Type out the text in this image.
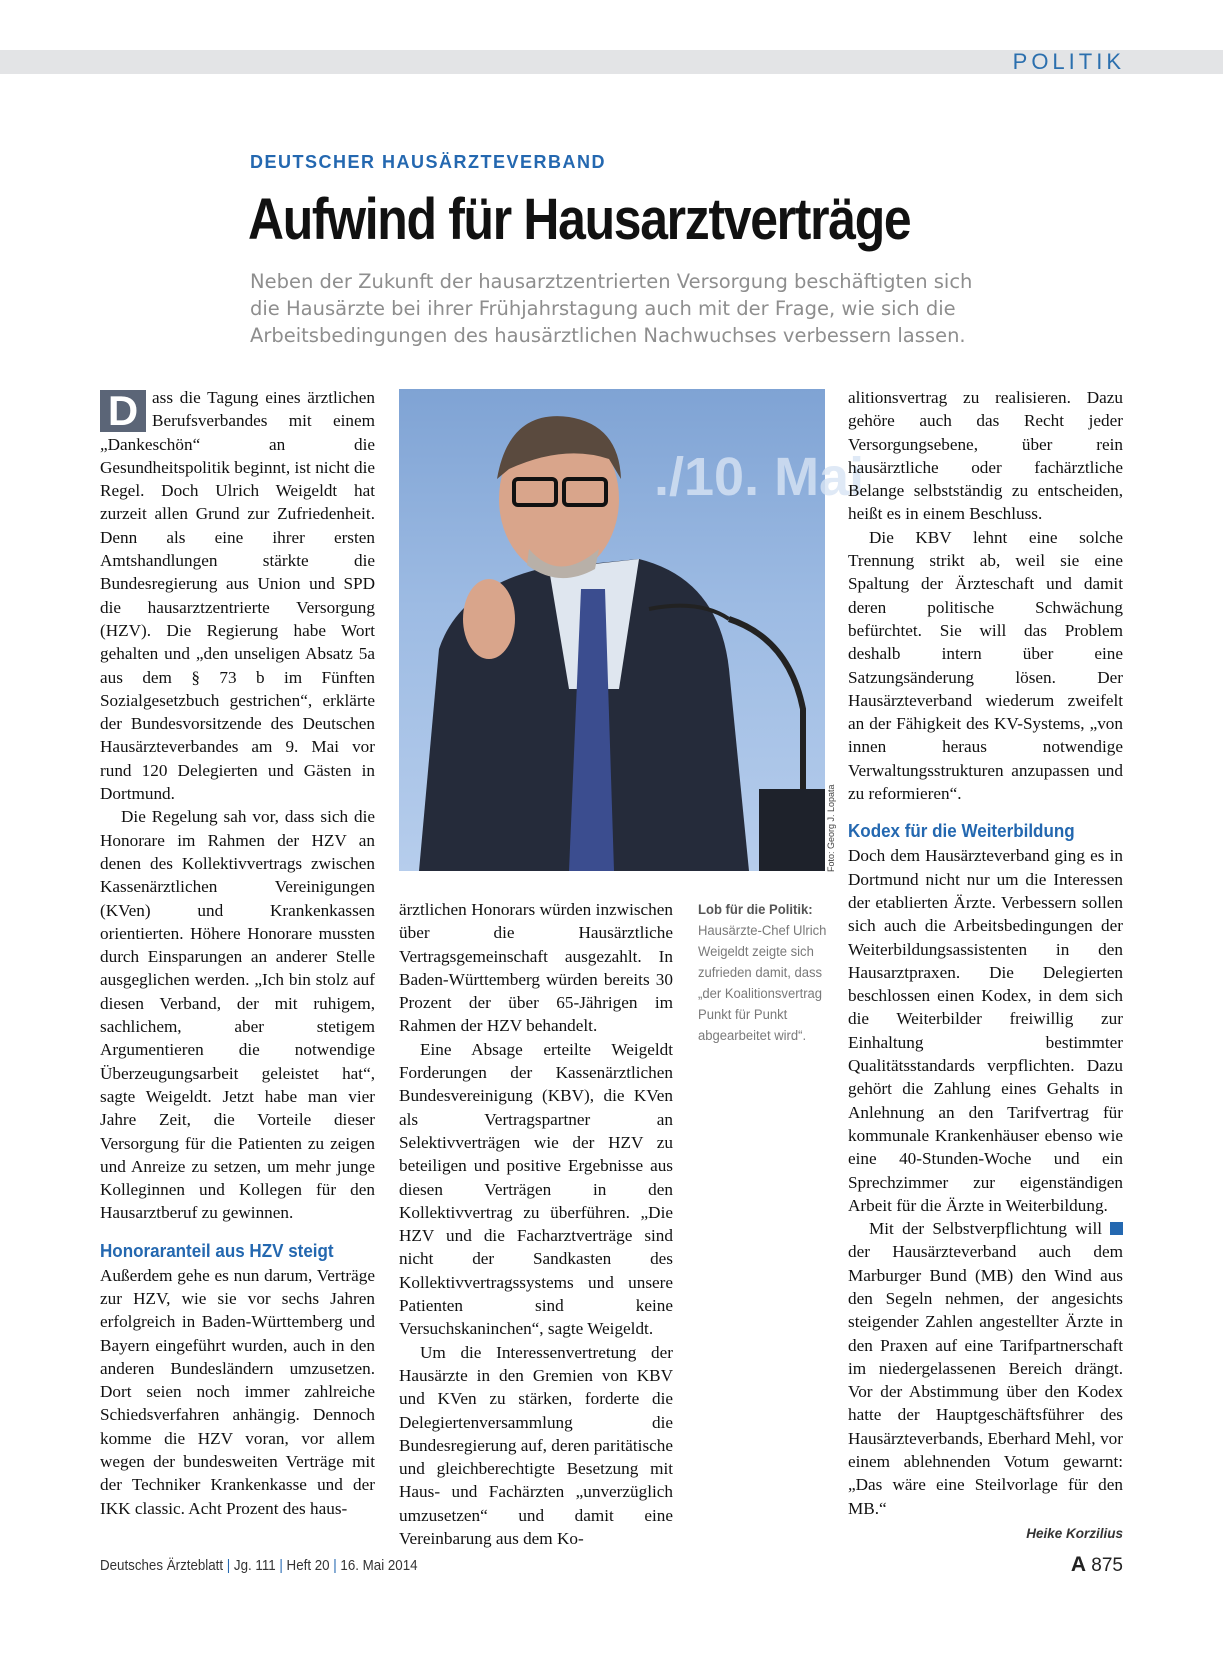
POLITIK
DEUTSCHER HAUSÄRZTEVERBAND
Aufwind für Hausarztverträge
Neben der Zukunft der hausarztzentrierten Versorgung beschäftigten sich
die Hausärzte bei ihrer Frühjahrstagung auch mit der Frage, wie sich die
Arbeitsbedingungen des hausärztlichen Nachwuchses verbessern lassen.

D ass die Tagung eines ärztlichen Berufsverbandes mit einem „Dankeschön“ an die Gesundheitspolitik beginnt, ist nicht die Regel. Doch Ulrich Weigeldt hat zurzeit allen Grund zur Zufriedenheit. Denn als eine ihrer ersten Amtshandlungen stärkte die Bundesregierung aus Union und SPD die hausarztzentrierte Versorgung (HZV). Die Regierung habe Wort gehalten und „den unseligen Absatz 5a aus dem § 73 b im Fünften Sozialgesetzbuch gestrichen“, erklärte der Bundesvorsitzende des Deutschen Hausärzteverbandes am 9. Mai vor rund 120 Delegierten und Gästen in Dortmund.

Die Regelung sah vor, dass sich die Honorare im Rahmen der HZV an denen des Kollektivvertrags zwischen Kassenärztlichen Vereinigungen (KVen) und Krankenkassen orientierten. Höhere Honorare mussten durch Einsparungen an anderer Stelle ausgeglichen werden. „Ich bin stolz auf diesen Verband, der mit ruhigem, sachlichem, aber stetigem Argumentieren die notwendige Überzeugungsarbeit geleistet hat“, sagte Weigeldt. Jetzt habe man vier Jahre Zeit, die Vorteile dieser Versorgung für die Patienten zu zeigen und Anreize zu setzen, um mehr junge Kolleginnen und Kollegen für den Hausarztberuf zu gewinnen.

Honoraranteil aus HZV steigt

Außerdem gehe es nun darum, Verträge zur HZV, wie sie vor sechs Jahren erfolgreich in Baden-Württemberg und Bayern eingeführt wurden, auch in den anderen Bundesländern umzusetzen. Dort seien noch immer zahlreiche Schiedsverfahren anhängig. Dennoch komme die HZV voran, vor allem wegen der bundesweiten Verträge mit der Techniker Krankenkasse und der IKK classic. Acht Prozent des haus-

./10. Mai
Foto: Georg J. Lopata

ärztlichen Honorars würden inzwischen über die Hausärztliche Vertragsgemeinschaft ausgezahlt. In Baden-Württemberg würden bereits 30 Prozent der über 65-Jährigen im Rahmen der HZV behandelt.

Eine Absage erteilte Weigeldt Forderungen der Kassenärztlichen Bundesvereinigung (KBV), die KVen als Vertragspartner an Selektivverträgen wie der HZV zu beteiligen und positive Ergebnisse aus diesen Verträgen in den Kollektivvertrag zu überführen. „Die HZV und die Facharztverträge sind nicht der Sandkasten des Kollektivvertragssystems und unsere Patienten sind keine Versuchskaninchen“, sagte Weigeldt.

Um die Interessenvertretung der Hausärzte in den Gremien von KBV und KVen zu stärken, forderte die Delegiertenversammlung die Bundesregierung auf, deren paritätische und gleichberechtigte Besetzung mit Haus- und Fachärzten „unverzüglich umzusetzen“ und damit eine Vereinbarung aus dem Ko-

Lob für die Politik: Hausärzte-Chef Ulrich Weigeldt zeigte sich zufrieden damit, dass „der Koalitionsvertrag Punkt für Punkt abgearbeitet wird“.

alitionsvertrag zu realisieren. Dazu gehöre auch das Recht jeder Versorgungsebene, über rein hausärztliche oder fachärztliche Belange selbstständig zu entscheiden, heißt es in einem Beschluss.

Die KBV lehnt eine solche Trennung strikt ab, weil sie eine Spaltung der Ärzteschaft und damit deren politische Schwächung befürchtet. Sie will das Problem deshalb intern über eine Satzungsänderung lösen. Der Hausärzteverband wiederum zweifelt an der Fähigkeit des KV-Systems, „von innen heraus notwendige Verwaltungsstrukturen anzupassen und zu reformieren“.

Kodex für die Weiterbildung

Doch dem Hausärzteverband ging es in Dortmund nicht nur um die Interessen der etablierten Ärzte. Verbessern sollen sich auch die Arbeitsbedingungen der Weiterbildungsassistenten in den Hausarztpraxen. Die Delegierten beschlossen einen Kodex, in dem sich die Weiterbilder freiwillig zur Einhaltung bestimmter Qualitätsstandards verpflichten. Dazu gehört die Zahlung eines Gehalts in Anlehnung an den Tarifvertrag für kommunale Krankenhäuser ebenso wie eine 40-Stunden-Woche und ein Sprechzimmer zur eigenständigen Arbeit für die Ärzte in Weiterbildung.

Mit der Selbstverpflichtung will der Hausärzteverband auch dem Marburger Bund (MB) den Wind aus den Segeln nehmen, der angesichts steigender Zahlen angestellter Ärzte in den Praxen auf eine Tarifpartnerschaft im niedergelassenen Bereich drängt. Vor der Abstimmung über den Kodex hatte der Hauptgeschäftsführer des Hausärzteverbands, Eberhard Mehl, vor einem ablehnenden Votum gewarnt: „Das wäre eine Steilvorlage für den MB.“

Heike Korzilius
Deutsches Ärzteblatt | Jg. 111 | Heft 20 | 16. Mai 2014	A 875
